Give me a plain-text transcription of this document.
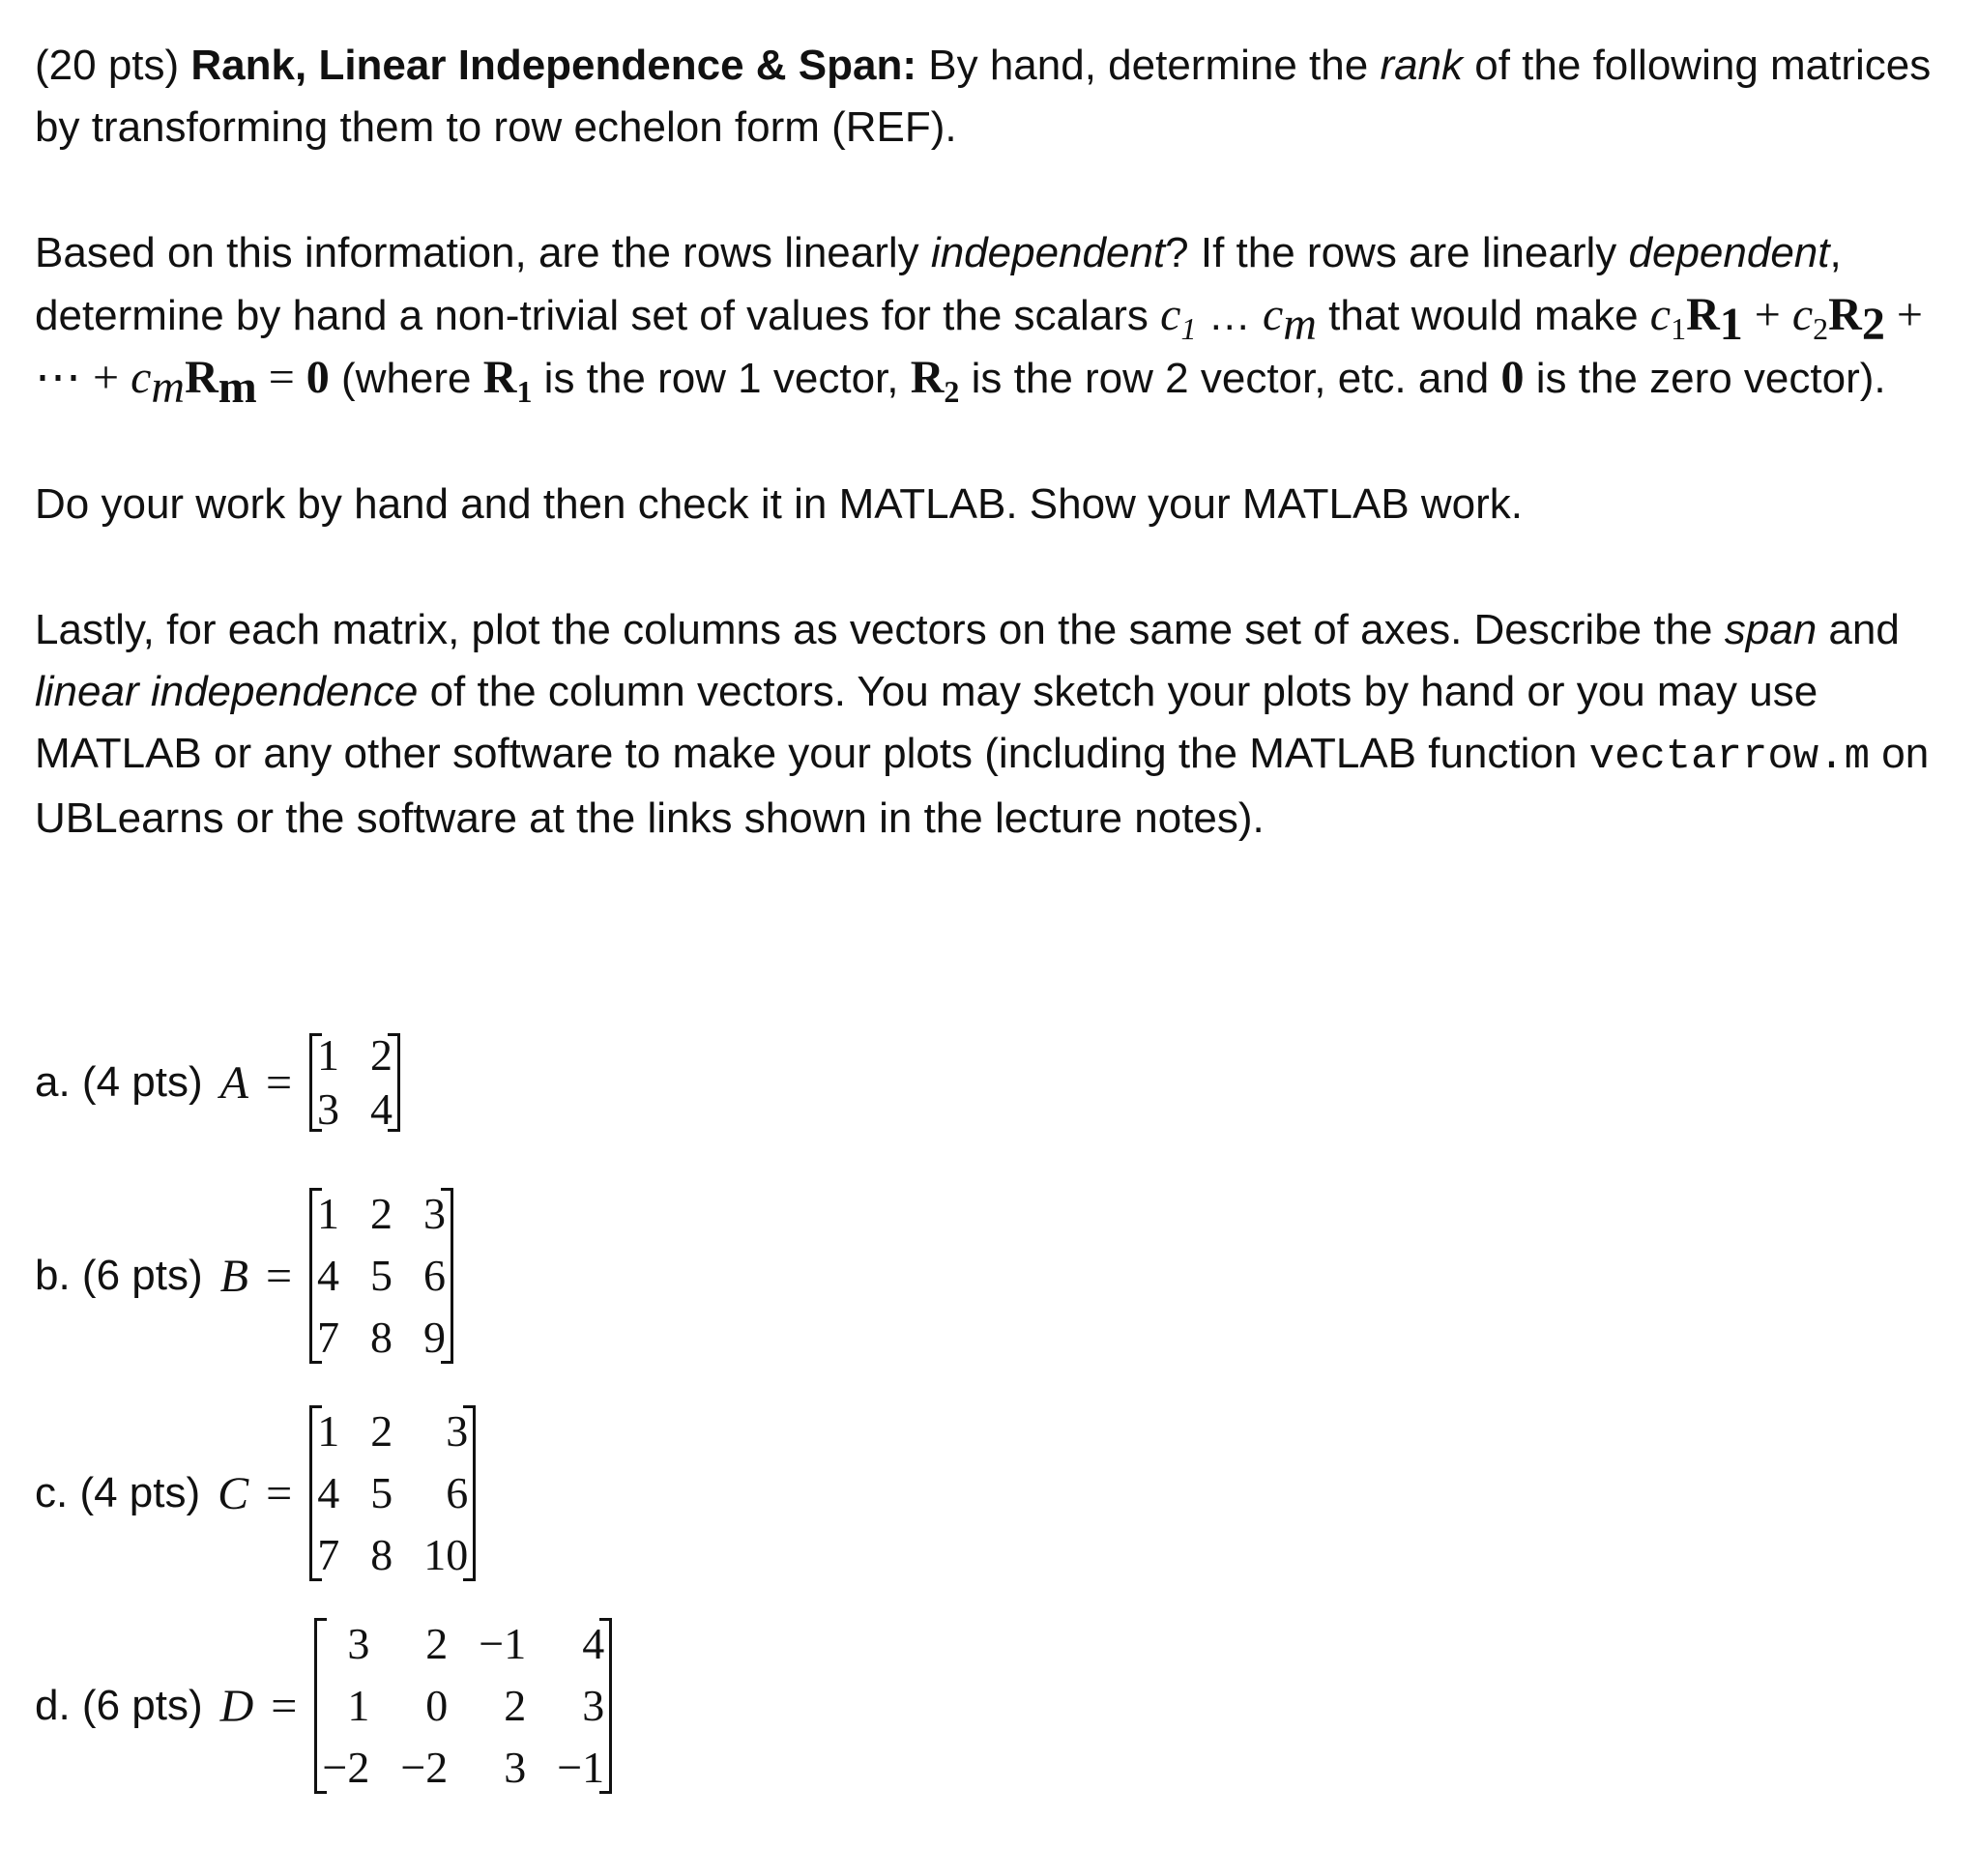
(20 pts) Rank, Linear Independence & Span: By hand, determine the rank of the following matrices by transforming them to row echelon form (REF).

Based on this information, are the rows linearly independent? If the rows are linearly dependent, determine by hand a non-trivial set of values for the scalars $c_1$ … $c_m$ that would make $c_1R_1 + c_2R_2$ + ⋯ + $c_mR_m = 0$ (where $R_1$ is the row 1 vector, $R_2$ is the row 2 vector, etc. and 0 is the zero vector).

Do your work by hand and then check it in MATLAB. Show your MATLAB work.

Lastly, for each matrix, plot the columns as vectors on the same set of axes. Describe the span and linear independence of the column vectors. You may sketch your plots by hand or you may use MATLAB or any other software to make your plots (including the MATLAB function vectarrow.m on UBLearns or the software at the links shown in the lecture notes).

a. (4 pts) A =
1 2
3 4
b. (6 pts) B =
1 2 3
4 5 6
7 8 9
c. (4 pts) C =
1 2	3
4 5	6
7 8 10
d. (6 pts) D =
3	2 −1	4
1	0	2	3
−2 −2	3 −1
